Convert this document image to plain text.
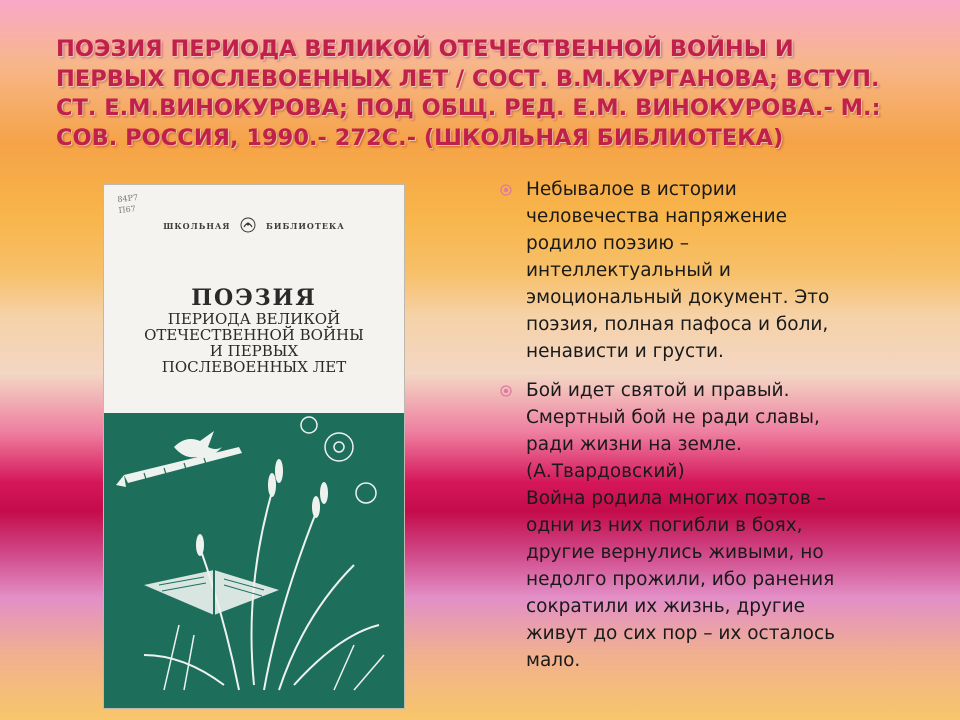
ПОЭЗИЯ ПЕРИОДА ВЕЛИКОЙ ОТЕЧЕСТВЕННОЙ ВОЙНЫ И
ПЕРВЫХ ПОСЛЕВОЕННЫХ ЛЕТ / СОСТ. В.М.КУРГАНОВА; ВСТУП.
СТ. Е.М.ВИНОКУРОВА; ПОД ОБЩ. РЕД. Е.М. ВИНОКУРОВА.- М.:
СОВ. РОССИЯ, 1990.- 272С.- (ШКОЛЬНАЯ БИБЛИОТЕКА)
84Р7
П67
ШКОЛЬНАЯ	БИБЛИОТЕКА
ПОЭЗИЯ
ПЕРИОДА ВЕЛИКОЙ
ОТЕЧЕСТВЕННОЙ ВОЙНЫ
И ПЕРВЫХ
ПОСЛЕВОЕННЫХ ЛЕТ
Небывалое в истории
человечества напряжение
родило поэзию –
интеллектуальный и
эмоциональный документ. Это
поэзия, полная пафоса и боли,
ненависти и грусти.
Бой идет святой и правый.
Смертный бой не ради славы,
ради жизни на земле.
(А.Твардовский)
Война родила многих поэтов –
одни из них погибли в боях,
другие вернулись живыми, но
недолго прожили, ибо ранения
сократили их жизнь, другие
живут до сих пор – их осталось
мало.
